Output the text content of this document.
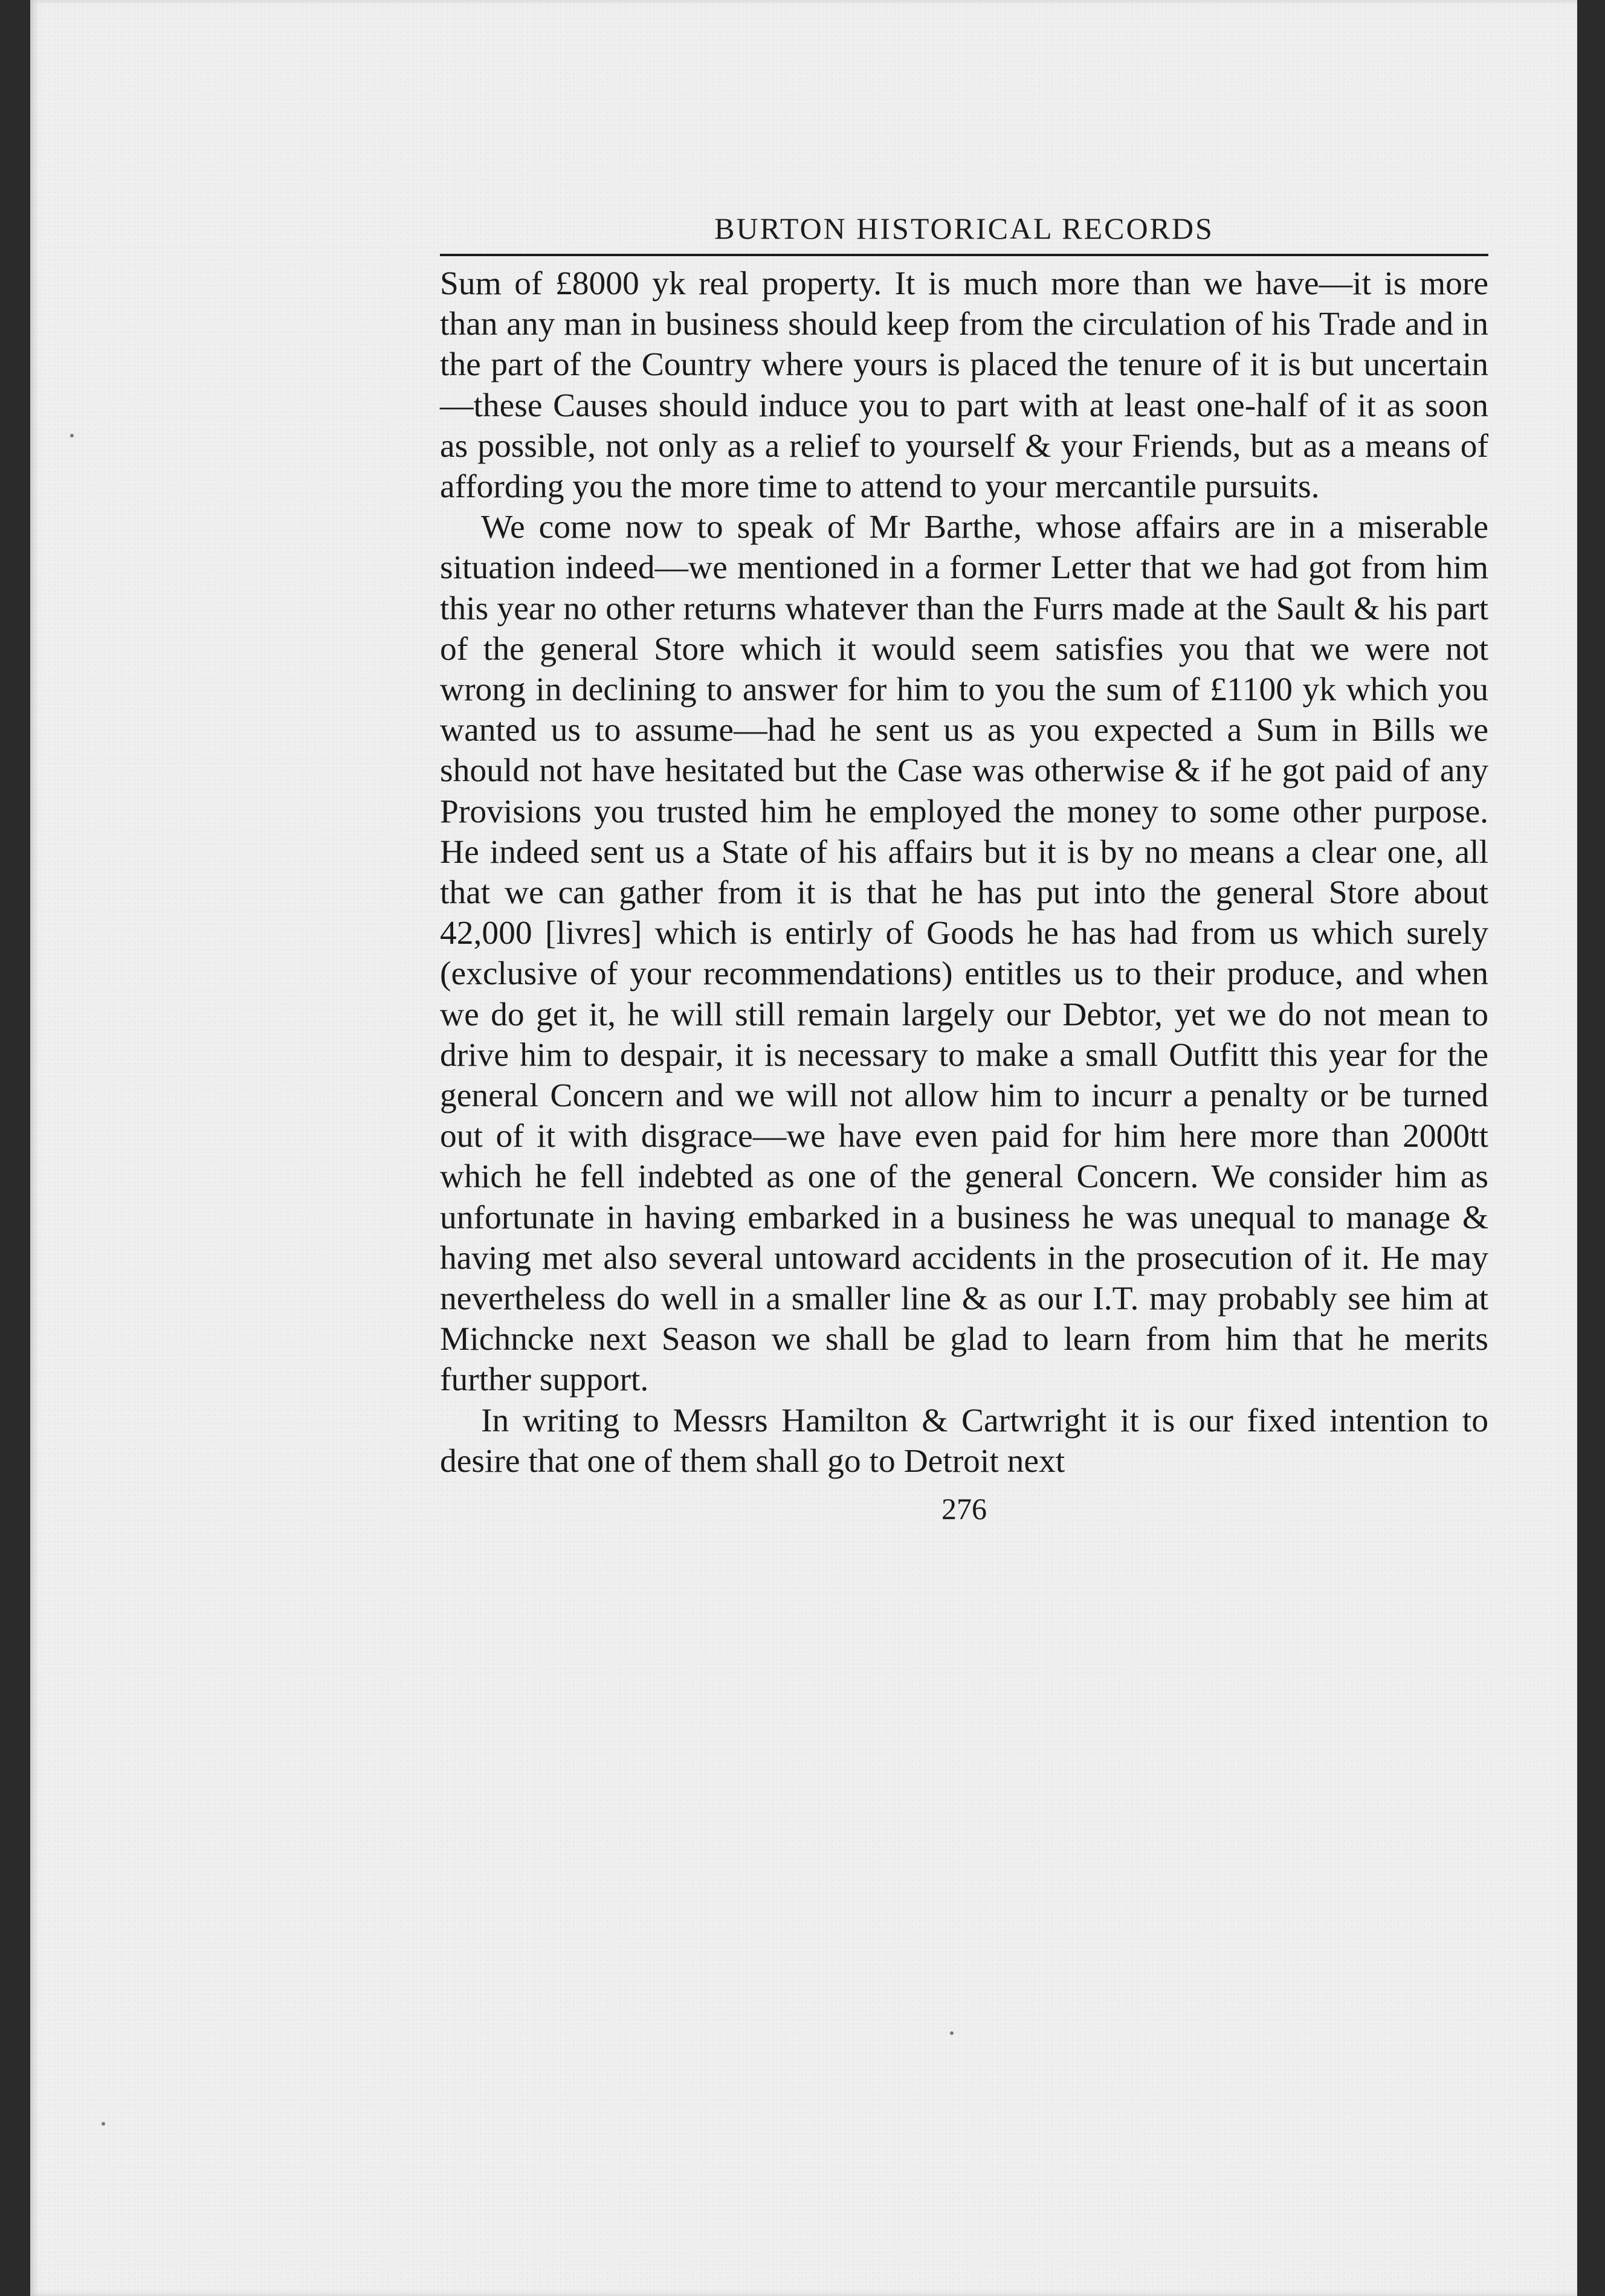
BURTON HISTORICAL RECORDS

Sum of £8000 yk real property. It is much more than we have—it is more than any man in business should keep from the circulation of his Trade and in the part of the Country where yours is placed the tenure of it is but uncertain—these Causes should induce you to part with at least one-half of it as soon as possible, not only as a relief to yourself & your Friends, but as a means of affording you the more time to attend to your mercantile pursuits.

We come now to speak of Mr Barthe, whose affairs are in a miserable situation indeed—we mentioned in a former Letter that we had got from him this year no other returns whatever than the Furrs made at the Sault & his part of the general Store which it would seem satisfies you that we were not wrong in declining to answer for him to you the sum of £1100 yk which you wanted us to assume—had he sent us as you expected a Sum in Bills we should not have hesitated but the Case was otherwise & if he got paid of any Provisions you trusted him he employed the money to some other purpose. He indeed sent us a State of his affairs but it is by no means a clear one, all that we can gather from it is that he has put into the general Store about 42,000 [livres] which is entirly of Goods he has had from us which surely (exclusive of your recommendations) entitles us to their produce, and when we do get it, he will still remain largely our Debtor, yet we do not mean to drive him to despair, it is necessary to make a small Outfitt this year for the general Concern and we will not allow him to incurr a penalty or be turned out of it with disgrace—we have even paid for him here more than 2000tt which he fell indebted as one of the general Concern. We consider him as unfortunate in having embarked in a business he was unequal to manage & having met also several untoward accidents in the prosecution of it. He may nevertheless do well in a smaller line & as our I.T. may probably see him at Michncke next Season we shall be glad to learn from him that he merits further support.

In writing to Messrs Hamilton & Cartwright it is our fixed intention to desire that one of them shall go to Detroit next

276
